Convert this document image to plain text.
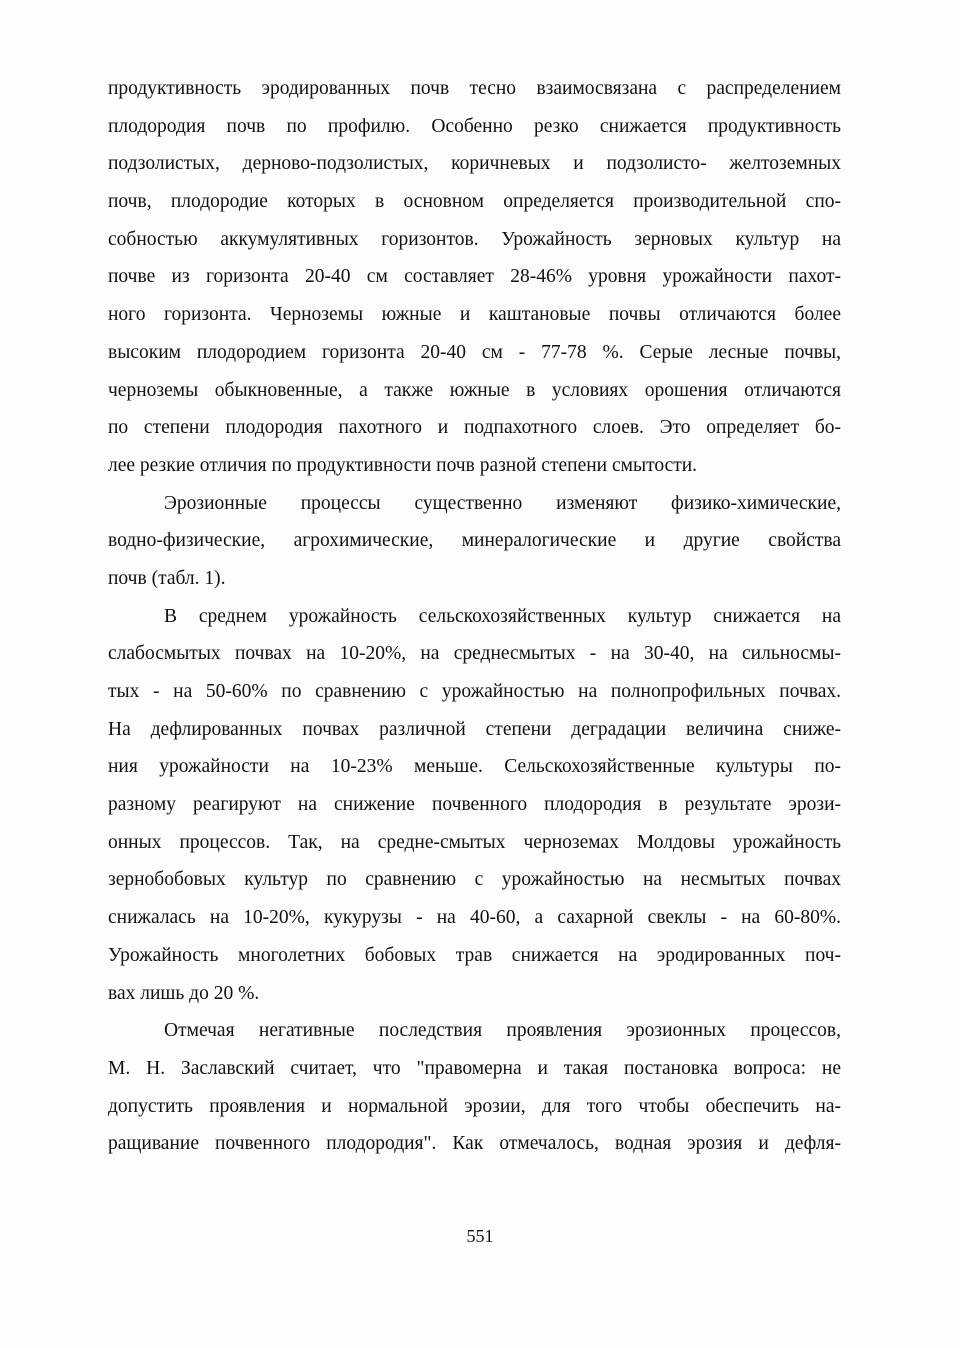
продуктивность эродированных почв тесно взаимосвязана с распределением
плодородия почв по профилю. Особенно резко снижается продуктивность
подзолистых, дерново-подзолистых, коричневых и подзолисто- желтоземных
почв, плодородие которых в основном определяется производительной спо-
собностью аккумулятивных горизонтов. Урожайность зерновых культур на
почве из горизонта 20-40 см составляет 28-46% уровня урожайности пахот-
ного горизонта. Черноземы южные и каштановые почвы отличаются более
высоким плодородием горизонта 20-40 см - 77-78 %. Серые лесные почвы,
черноземы обыкновенные, а также южные в условиях орошения отличаются
по степени плодородия пахотного и подпахотного слоев. Это определяет бо-
лее резкие отличия по продуктивности почв разной степени смытости.
Эрозионные процессы существенно изменяют физико-химические,
водно-физические, агрохимические, минералогические и другие свойства
почв (табл. 1).
В среднем урожайность сельскохозяйственных культур снижается на
слабосмытых почвах на 10-20%, на среднесмытых - на 30-40, на сильносмы-
тых - на 50-60% по сравнению с урожайностью на полнопрофильных почвах.
На дефлированных почвах различной степени деградации величина сниже-
ния урожайности на 10-23% меньше. Сельскохозяйственные культуры по-
разному реагируют на снижение почвенного плодородия в результате эрози-
онных процессов. Так, на средне-смытых черноземах Молдовы урожайность
зернобобовых культур по сравнению с урожайностью на несмытых почвах
снижалась на 10-20%, кукурузы - на 40-60, а сахарной свеклы - на 60-80%.
Урожайность многолетних бобовых трав снижается на эродированных поч-
вах лишь до 20 %.
Отмечая негативные последствия проявления эрозионных процессов,
М. Н. Заславский считает, что "правомерна и такая постановка вопроса: не
допустить проявления и нормальной эрозии, для того чтобы обеспечить на-
ращивание почвенного плодородия". Как отмечалось, водная эрозия и дефля-
551
